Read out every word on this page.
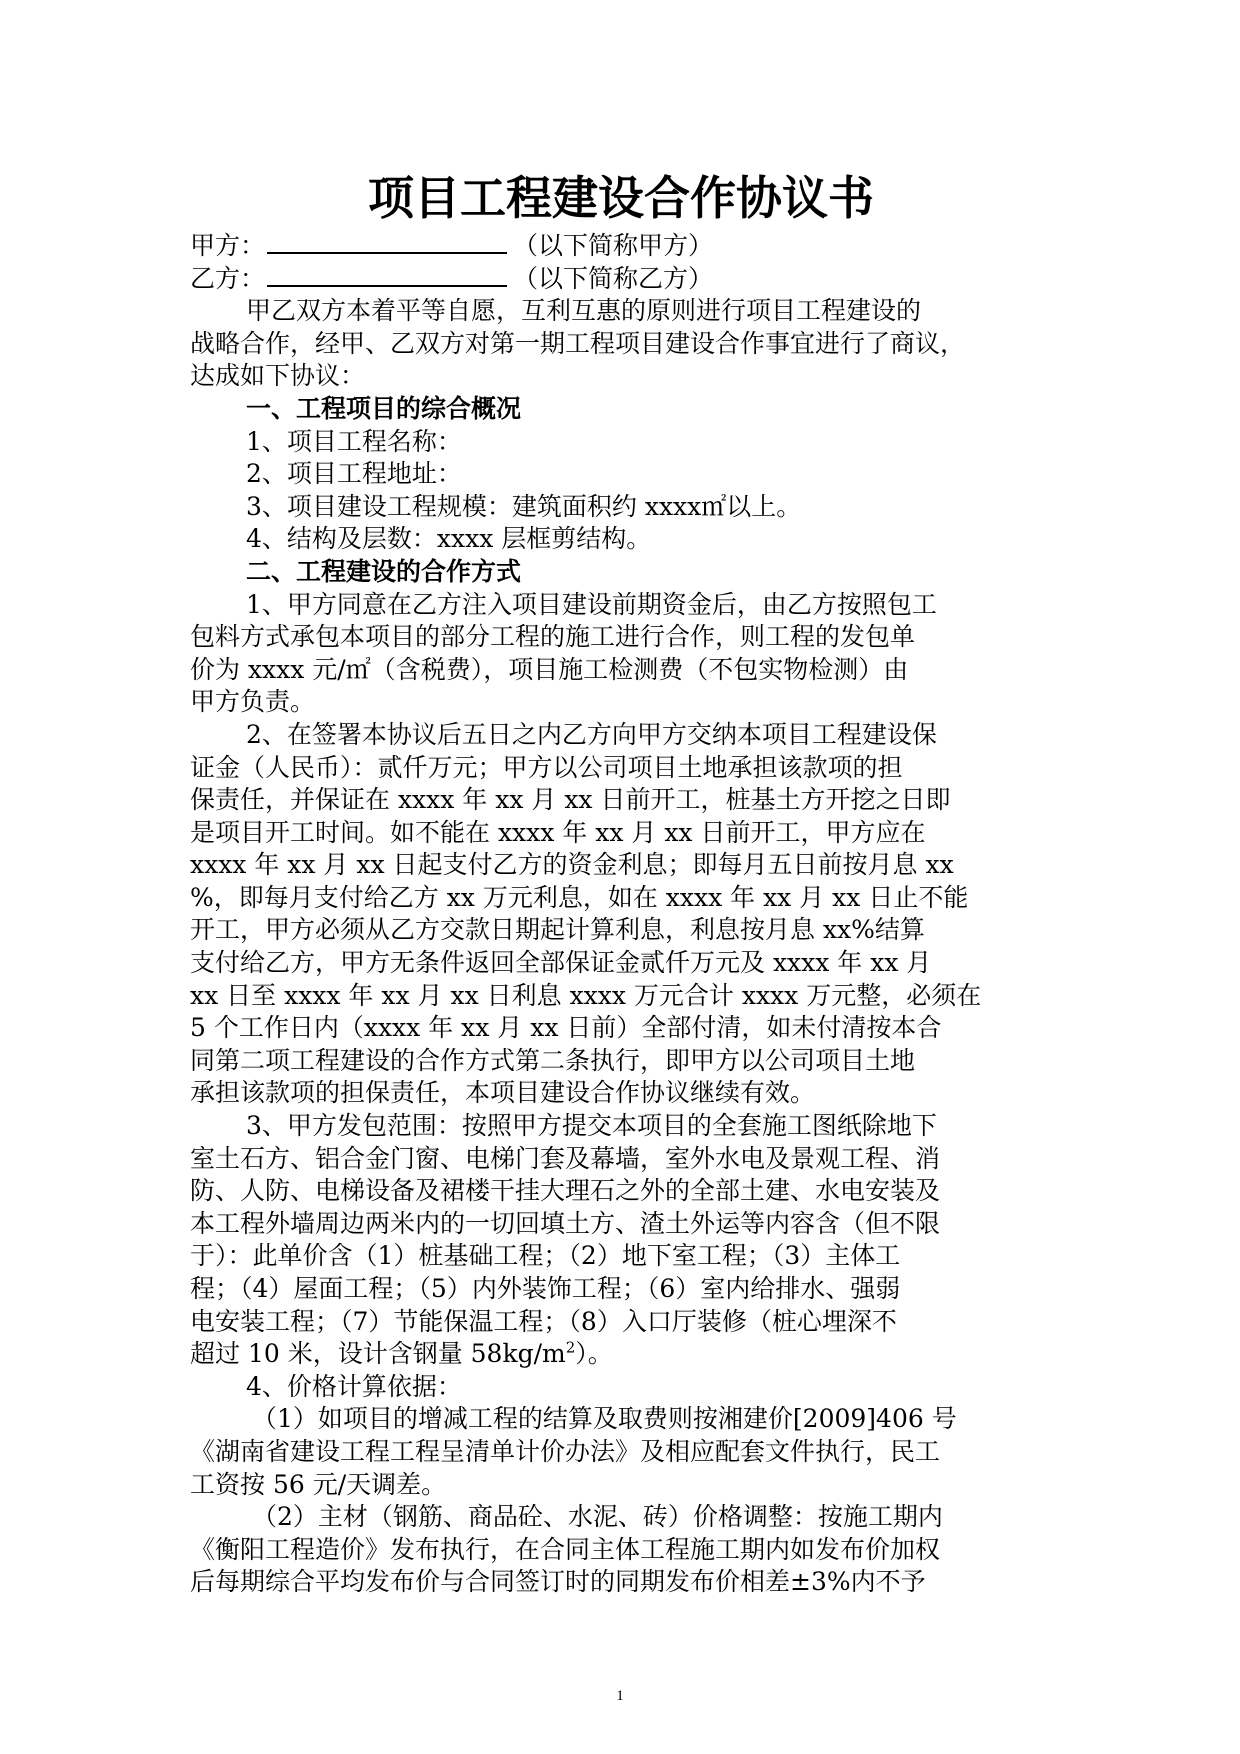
项目工程建设合作协议书
甲方：	（以下简称甲方）
乙方：	（以下简称乙方）
甲乙双方本着平等自愿，互利互惠的原则进行项目工程建设的
战略合作，经甲、乙双方对第一期工程项目建设合作事宜进行了商议，
达成如下协议：
一、工程项目的综合概况
1、项目工程名称：
2、项目工程地址：
3、项目建设工程规模：建筑面积约 xxxx㎡以上。
4、结构及层数：xxxx 层框剪结构。
二、工程建设的合作方式
1、甲方同意在乙方注入项目建设前期资金后，由乙方按照包工
包料方式承包本项目的部分工程的施工进行合作，则工程的发包单
价为 xxxx 元/㎡（含税费），项目施工检测费（不包实物检测）由
甲方负责。
2、在签署本协议后五日之内乙方向甲方交纳本项目工程建设保
证金（人民币）：贰仟万元；甲方以公司项目土地承担该款项的担
保责任，并保证在 xxxx 年 xx 月 xx 日前开工，桩基土方开挖之日即
是项目开工时间。如不能在 xxxx 年 xx 月 xx 日前开工，甲方应在
xxxx 年 xx 月 xx 日起支付乙方的资金利息；即每月五日前按月息 xx
%，即每月支付给乙方 xx 万元利息，如在 xxxx 年 xx 月 xx 日止不能
开工，甲方必须从乙方交款日期起计算利息，利息按月息 xx%结算
支付给乙方，甲方无条件返回全部保证金贰仟万元及 xxxx 年 xx 月
xx 日至 xxxx 年 xx 月 xx 日利息 xxxx 万元合计 xxxx 万元整，必须在
5 个工作日内（xxxx 年 xx 月 xx 日前）全部付清，如未付清按本合
同第二项工程建设的合作方式第二条执行，即甲方以公司项目土地
承担该款项的担保责任，本项目建设合作协议继续有效。
3、甲方发包范围：按照甲方提交本项目的全套施工图纸除地下
室土石方、铝合金门窗、电梯门套及幕墙，室外水电及景观工程、消
防、人防、电梯设备及裙楼干挂大理石之外的全部土建、水电安装及
本工程外墙周边两米内的一切回填土方、渣土外运等内容含（但不限
于）：此单价含（1）桩基础工程；（2）地下室工程；（3）主体工
程；（4）屋面工程；（5）内外装饰工程；（6）室内给排水、强弱
电安装工程；（7）节能保温工程；（8）入口厅装修（桩心埋深不
超过 10 米，设计含钢量 $58kg/m^2$）。
4、价格计算依据：
（1）如项目的增减工程的结算及取费则按湘建价[2009]406 号
《湖南省建设工程工程呈清单计价办法》及相应配套文件执行，民工
工资按 56 元/天调差。
（2）主材（钢筋、商品砼、水泥、砖）价格调整：按施工期内
《衡阳工程造价》发布执行，在合同主体工程施工期内如发布价加权
后每期综合平均发布价与合同签订时的同期发布价相差±3%内不予
1
